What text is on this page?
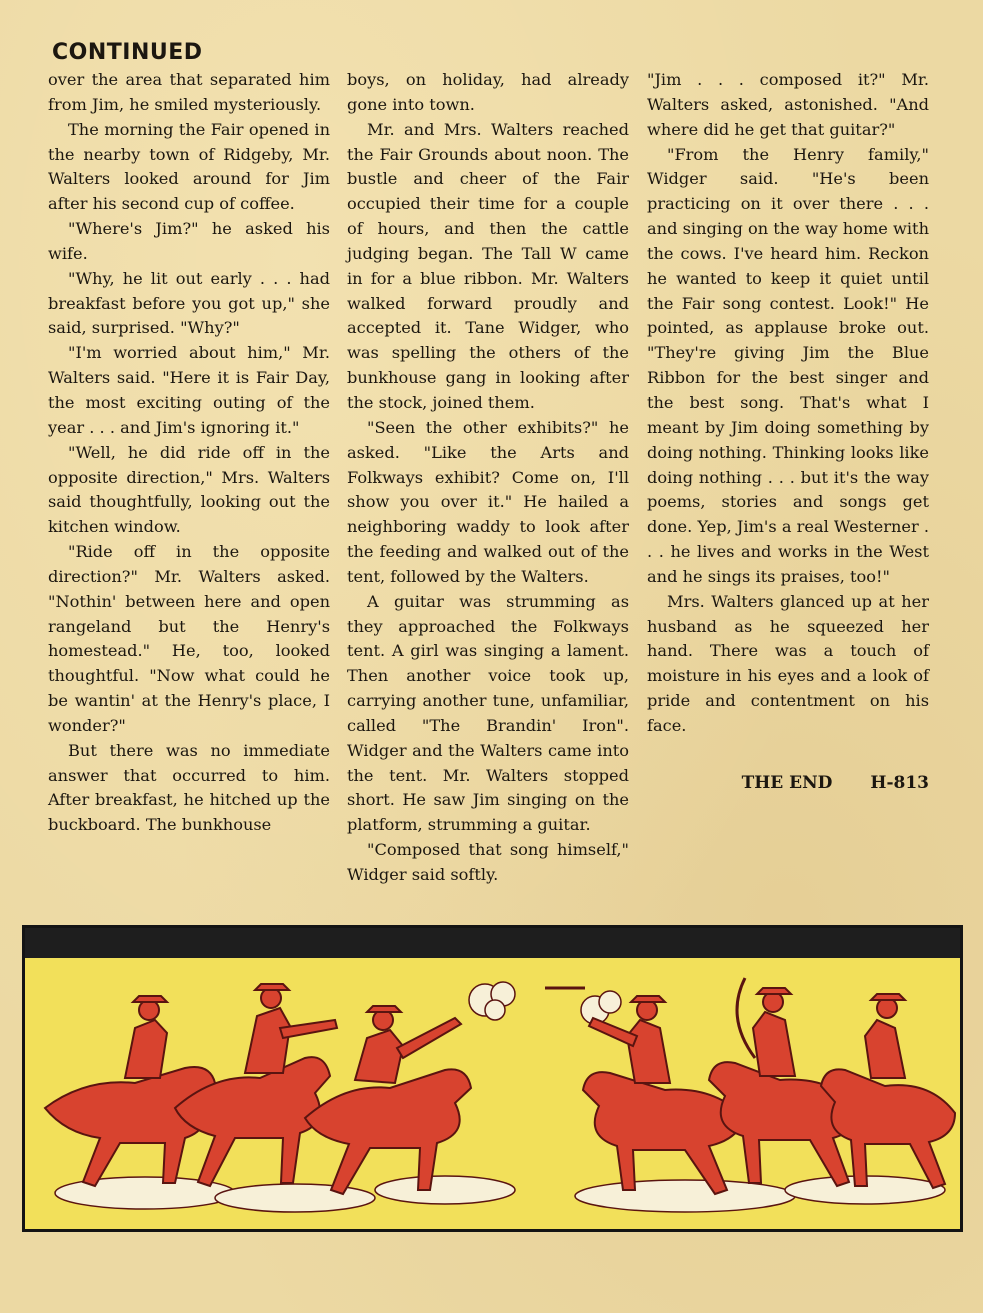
CONTINUED

over the area that separated him from Jim, he smiled mysteriously.

The morning the Fair opened in the nearby town of Ridgeby, Mr. Walters looked around for Jim after his second cup of coffee.

"Where's Jim?" he asked his wife.

"Why, he lit out early . . . had breakfast before you got up," she said, surprised. "Why?"

"I'm worried about him," Mr. Walters said. "Here it is Fair Day, the most exciting outing of the year . . . and Jim's ignoring it."

"Well, he did ride off in the opposite direction," Mrs. Walters said thoughtfully, looking out the kitchen window.

"Ride off in the opposite direction?" Mr. Walters asked. "Nothin' between here and open rangeland but the Henry's homestead." He, too, looked thoughtful. "Now what could he be wantin' at the Henry's place, I wonder?"

But there was no immediate answer that occurred to him. After breakfast, he hitched up the buckboard. The bunkhouse

boys, on holiday, had already gone into town.

Mr. and Mrs. Walters reached the Fair Grounds about noon. The bustle and cheer of the Fair occupied their time for a couple of hours, and then the cattle judging began. The Tall W came in for a blue ribbon. Mr. Walters walked forward proudly and accepted it. Tane Widger, who was spelling the others of the bunkhouse gang in looking after the stock, joined them.

"Seen the other exhibits?" he asked. "Like the Arts and Folkways exhibit? Come on, I'll show you over it." He hailed a neighboring waddy to look after the feeding and walked out of the tent, followed by the Walters.

A guitar was strumming as they approached the Folkways tent. A girl was singing a lament. Then another voice took up, carrying another tune, unfamiliar, called "The Brandin' Iron". Widger and the Walters came into the tent. Mr. Walters stopped short. He saw Jim singing on the platform, strumming a guitar.

"Composed that song himself," Widger said softly.

"Jim . . . composed it?" Mr. Walters asked, astonished. "And where did he get that guitar?"

"From the Henry family," Widger said. "He's been practicing on it over there . . . and singing on the way home with the cows. I've heard him. Reckon he wanted to keep it quiet until the Fair song contest. Look!" He pointed, as applause broke out. "They're giving Jim the Blue Ribbon for the best singer and the best song. That's what I meant by Jim doing something by doing nothing. Thinking looks like doing nothing . . . but it's the way poems, stories and songs get done. Yep, Jim's a real Westerner . . . he lives and works in the West and he sings its praises, too!"

Mrs. Walters glanced up at her husband as he squeezed her hand. There was a touch of moisture in his eyes and a look of pride and contentment on his face.

THE END H-813
